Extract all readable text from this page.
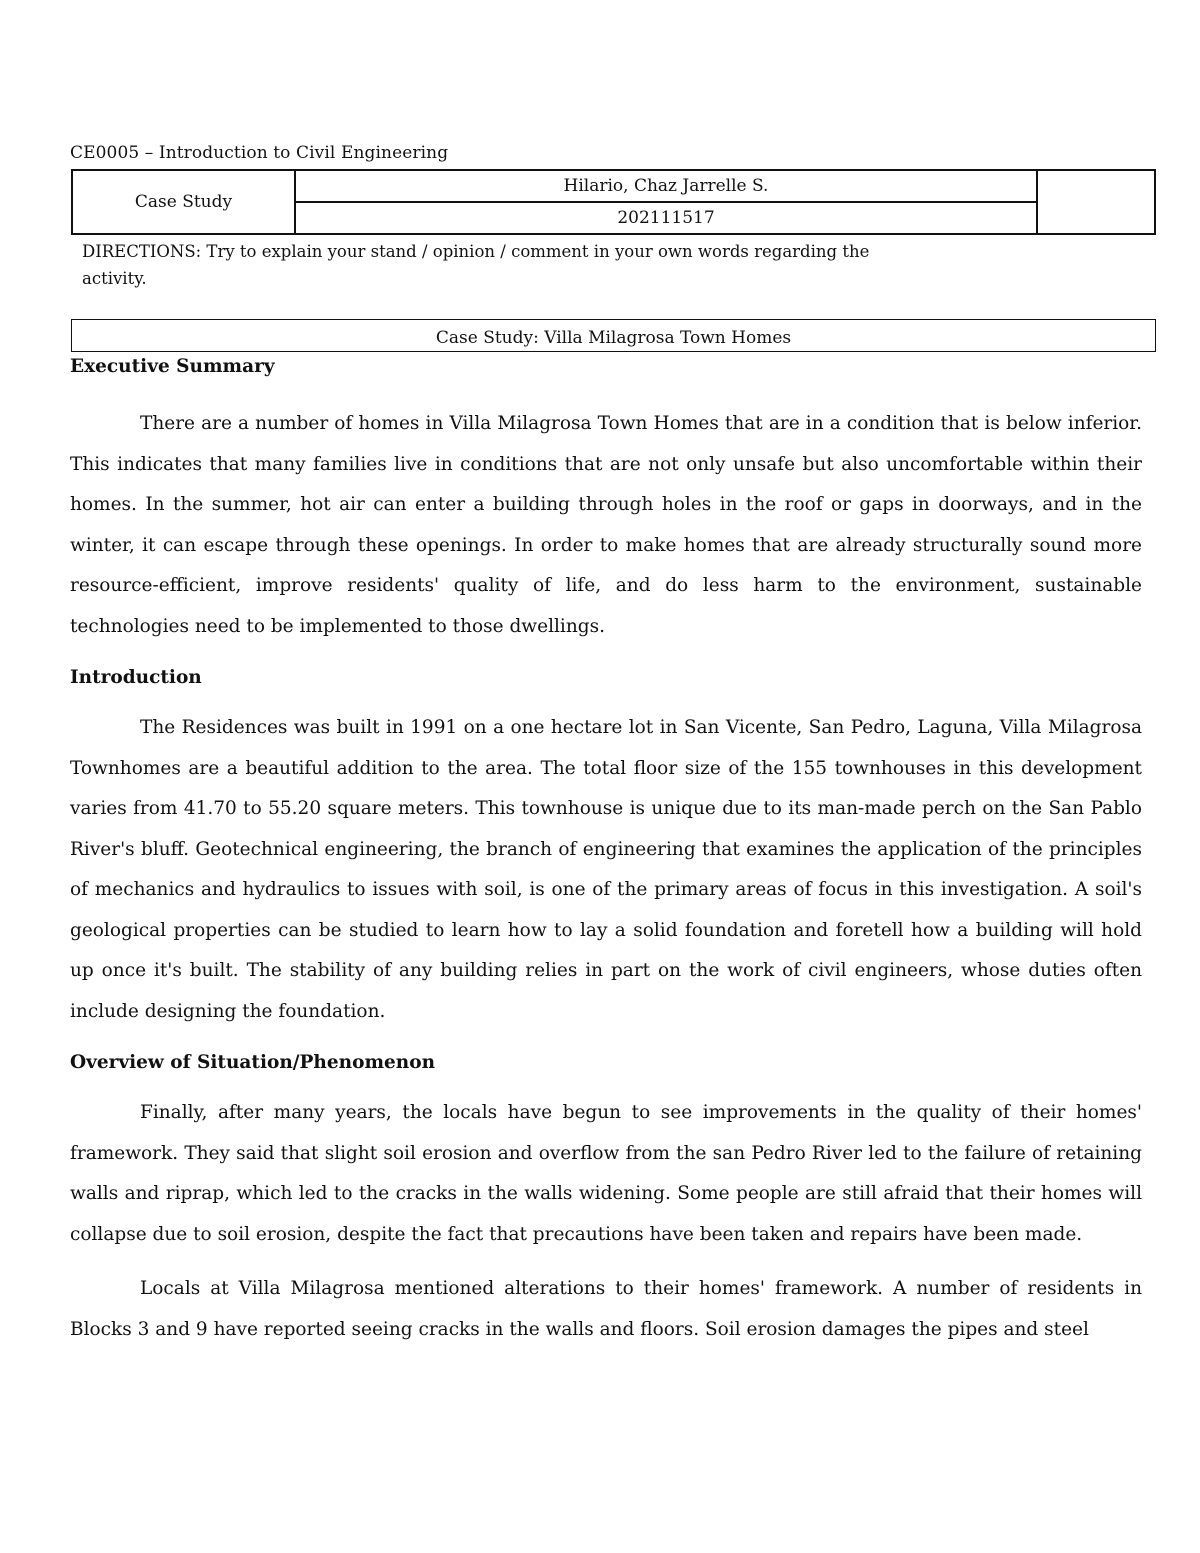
CE0005 – Introduction to Civil Engineering
Case Study
Hilario, Chaz Jarrelle S.
202111517
DIRECTIONS: Try to explain your stand / opinion / comment in your own words regarding the activity.
Case Study: Villa Milagrosa Town Homes
Executive Summary

There are a number of homes in Villa Milagrosa Town Homes that are in a condition that is below inferior. This indicates that many families live in conditions that are not only unsafe but also uncomfortable within their homes. In the summer, hot air can enter a building through holes in the roof or gaps in doorways, and in the winter, it can escape through these openings. In order to make homes that are already structurally sound more resource-efficient, improve residents' quality of life, and do less harm to the environment, sustainable technologies need to be implemented to those dwellings.

Introduction

The Residences was built in 1991 on a one hectare lot in San Vicente, San Pedro, Laguna, Villa Milagrosa Townhomes are a beautiful addition to the area. The total floor size of the 155 townhouses in this development varies from 41.70 to 55.20 square meters. This townhouse is unique due to its man-made perch on the San Pablo River's bluff. Geotechnical engineering, the branch of engineering that examines the application of the principles of mechanics and hydraulics to issues with soil, is one of the primary areas of focus in this investigation. A soil's geological properties can be studied to learn how to lay a solid foundation and foretell how a building will hold up once it's built. The stability of any building relies in part on the work of civil engineers, whose duties often include designing the foundation.

Overview of Situation/Phenomenon

Finally, after many years, the locals have begun to see improvements in the quality of their homes' framework. They said that slight soil erosion and overflow from the san Pedro River led to the failure of retaining walls and riprap, which led to the cracks in the walls widening. Some people are still afraid that their homes will collapse due to soil erosion, despite the fact that precautions have been taken and repairs have been made.

Locals at Villa Milagrosa mentioned alterations to their homes' framework. A number of residents in Blocks 3 and 9 have reported seeing cracks in the walls and floors. Soil erosion damages the pipes and steel
